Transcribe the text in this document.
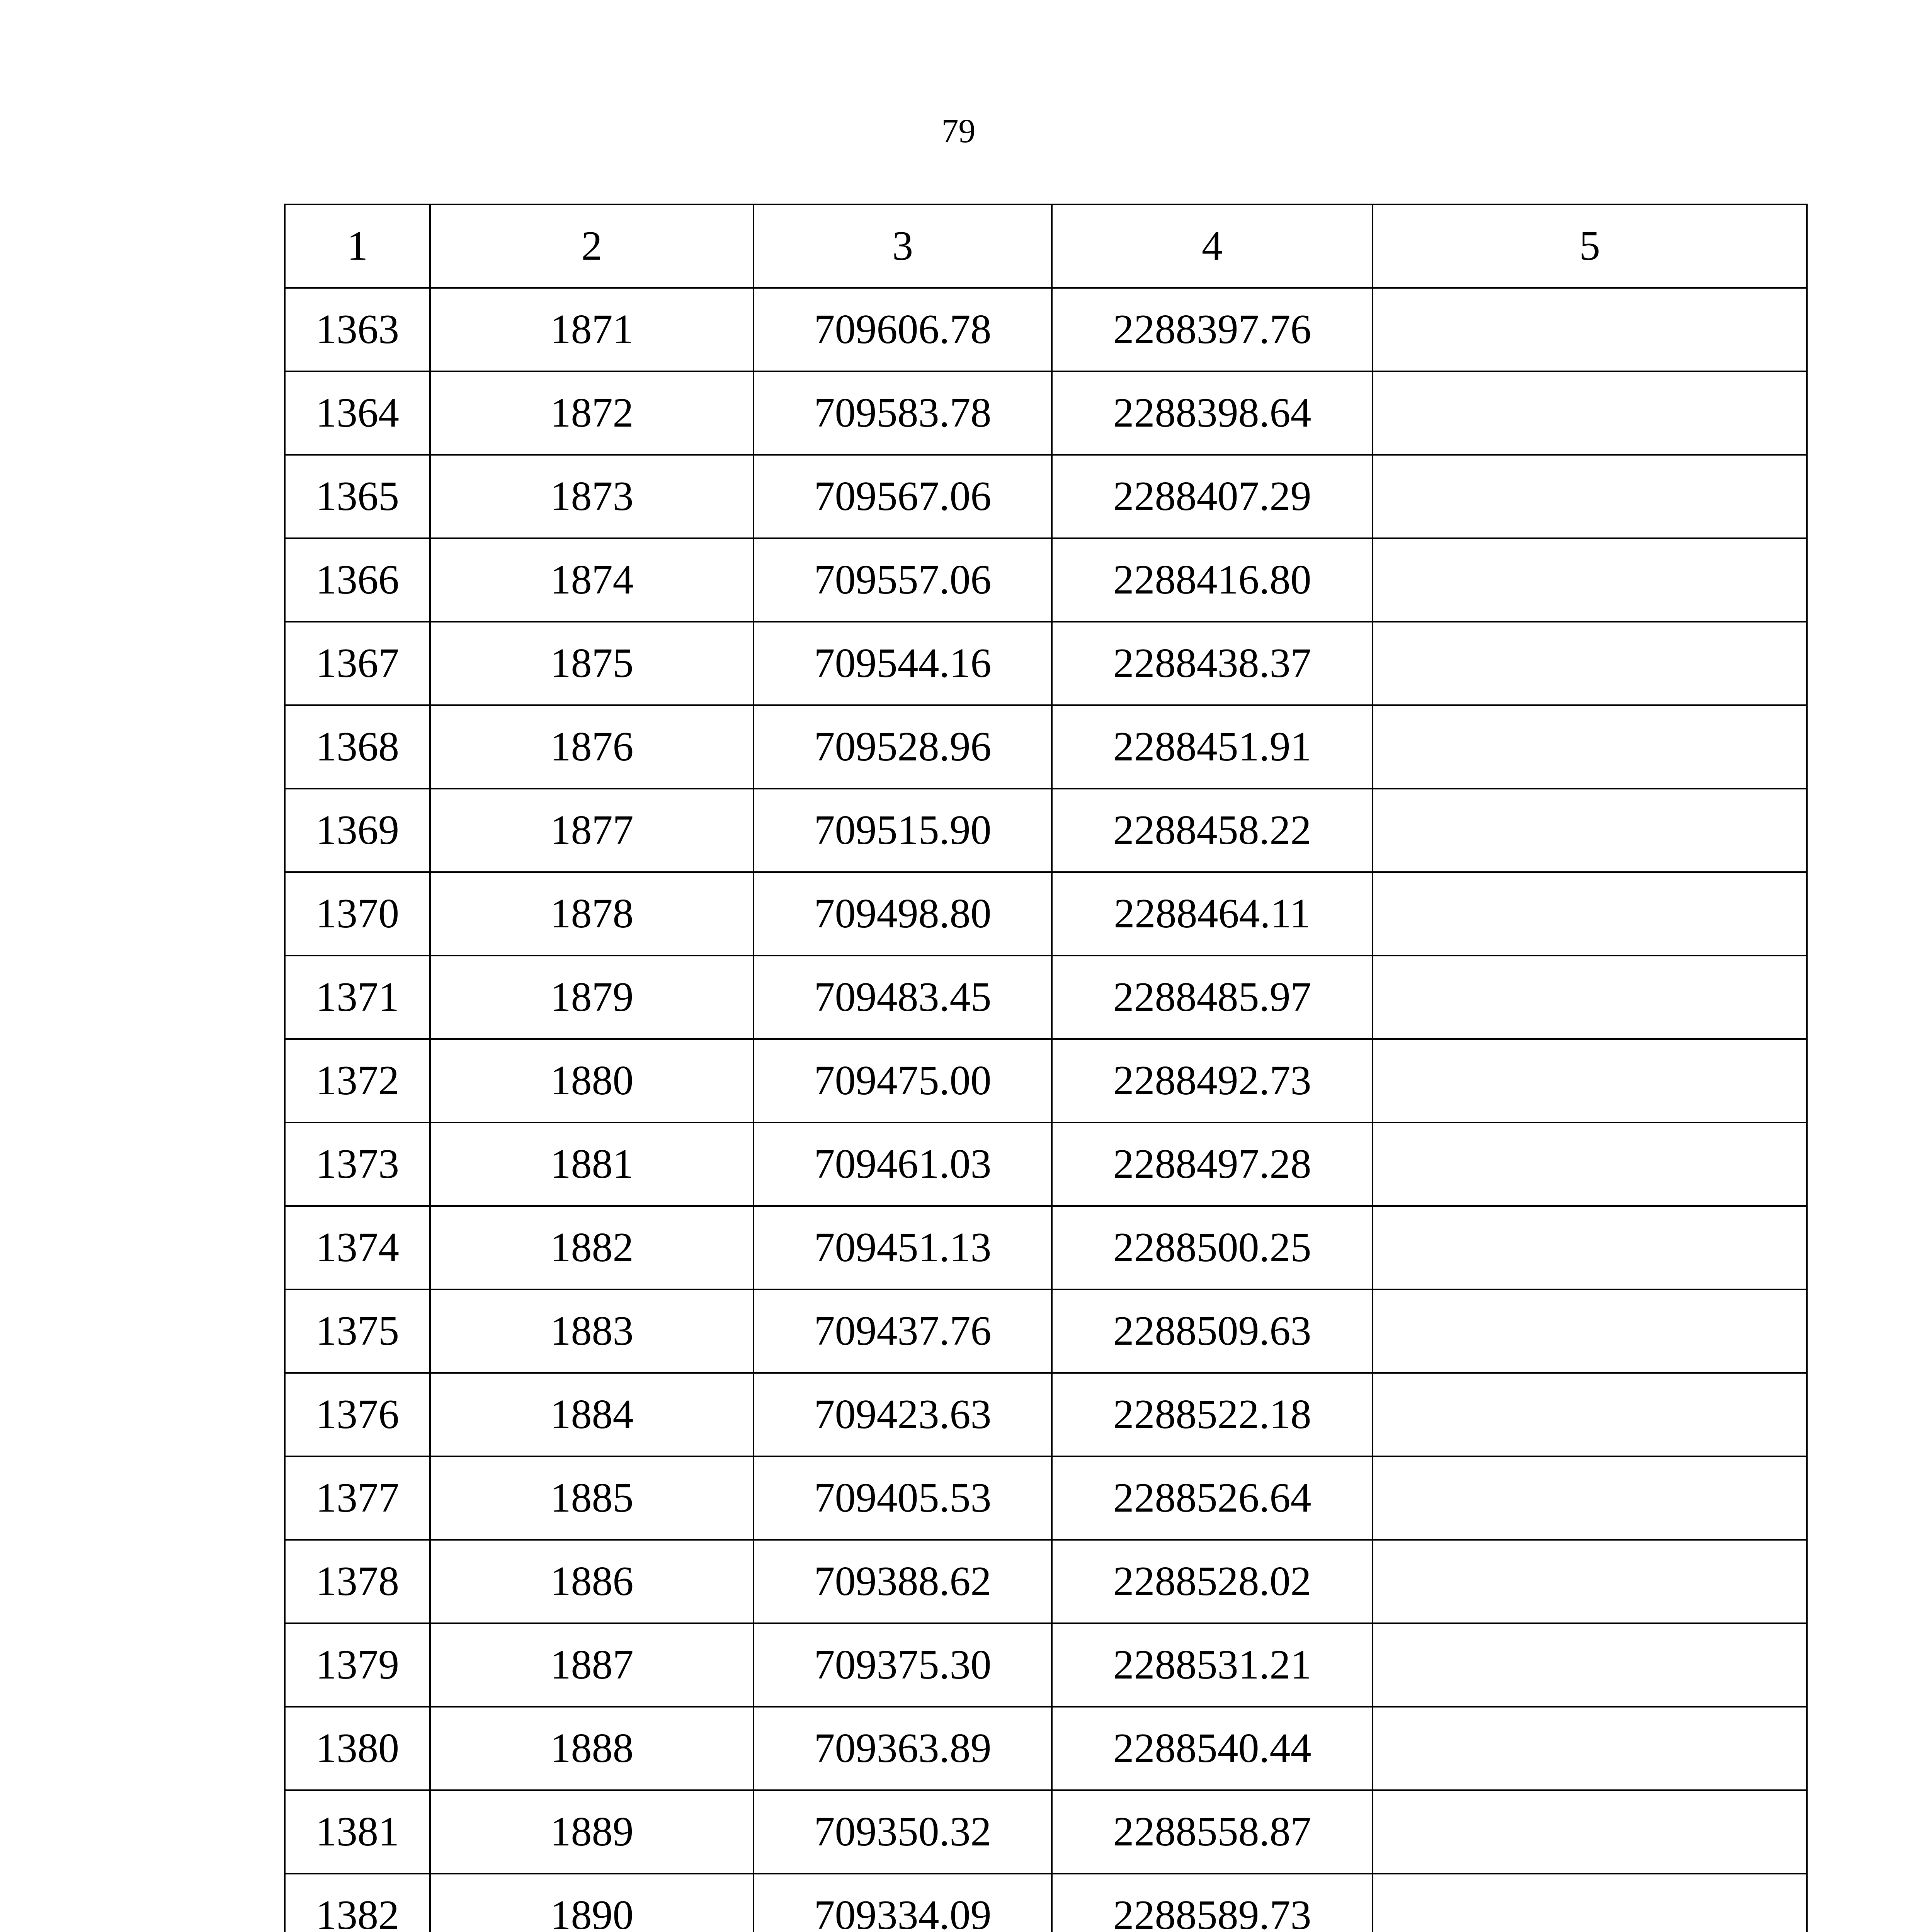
79
1	2	3	4	5
1363	1871	709606.78	2288397.76	
1364	1872	709583.78	2288398.64	
1365	1873	709567.06	2288407.29	
1366	1874	709557.06	2288416.80	
1367	1875	709544.16	2288438.37	
1368	1876	709528.96	2288451.91	
1369	1877	709515.90	2288458.22	
1370	1878	709498.80	2288464.11	
1371	1879	709483.45	2288485.97	
1372	1880	709475.00	2288492.73	
1373	1881	709461.03	2288497.28	
1374	1882	709451.13	2288500.25	
1375	1883	709437.76	2288509.63	
1376	1884	709423.63	2288522.18	
1377	1885	709405.53	2288526.64	
1378	1886	709388.62	2288528.02	
1379	1887	709375.30	2288531.21	
1380	1888	709363.89	2288540.44	
1381	1889	709350.32	2288558.87	
1382	1890	709334.09	2288589.73	
